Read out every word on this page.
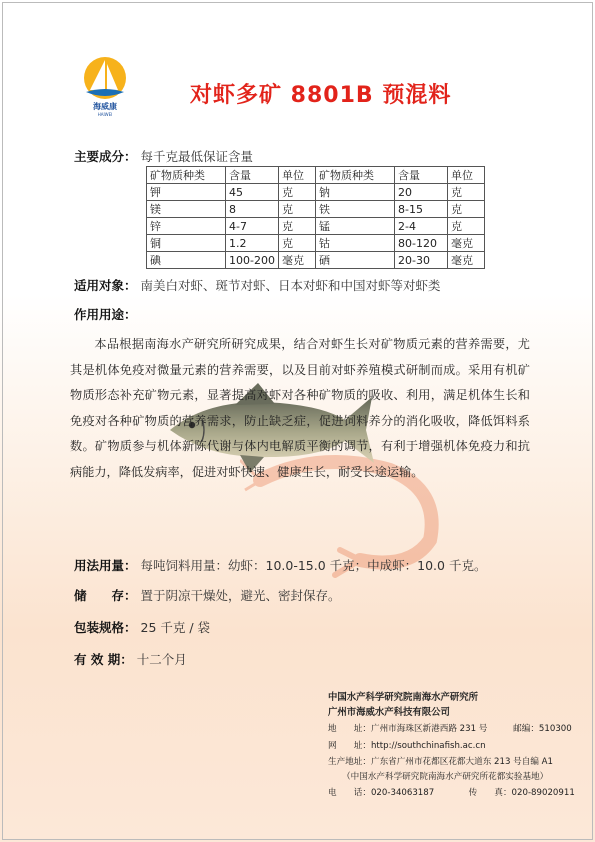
海威康
HAIWEI
对虾多矿 8801B 预混料
主要成分： 每千克最低保证含量
矿物质种类	含量	单位	矿物质种类	含量	单位
钾	45	克	钠	20	克
镁	8	克	铁	8-15	克
锌	4-7	克	锰	2-4	克
铜	1.2	克	钴	80-120	毫克
碘	100-200	毫克	硒	20-30	毫克
适用对象： 南美白对虾、斑节对虾、日本对虾和中国对虾等对虾类
作用用途：
本品根据南海水产研究所研究成果，结合对虾生长对矿物质元素的营养需要，尤其是机体免疫对微量元素的营养需要，以及目前对虾养殖模式研制而成。采用有机矿物质形态补充矿物元素，显著提高对虾对各种矿物质的吸收、利用，满足机体生长和免疫对各种矿物质的营养需求，防止缺乏症，促进饲料养分的消化吸收，降低饵料系数。矿物质参与机体新陈代谢与体内电解质平衡的调节，有利于增强机体免疫力和抗病能力，降低发病率，促进对虾快速、健康生长，耐受长途运输。
用法用量： 每吨饲料用量：幼虾：10.0-15.0 千克；中成虾：10.0 千克。
储　　存： 置于阴凉干燥处，避光、密封保存。
包装规格： 25 千克 / 袋
有 效 期： 十二个月
中国水产科学研究院南海水产研究所
广州市海威水产科技有限公司
地　　址：广州市海珠区新港西路 231 号　　　邮编：510300
网　　址：http://southchinafish.ac.cn
生产地址：广东省广州市花都区花都大道东 213 号自编 A1
（中国水产科学研究院南海水产研究所花都实验基地）
电　　话：020-34063187　　　　传　　真：020-89020911
